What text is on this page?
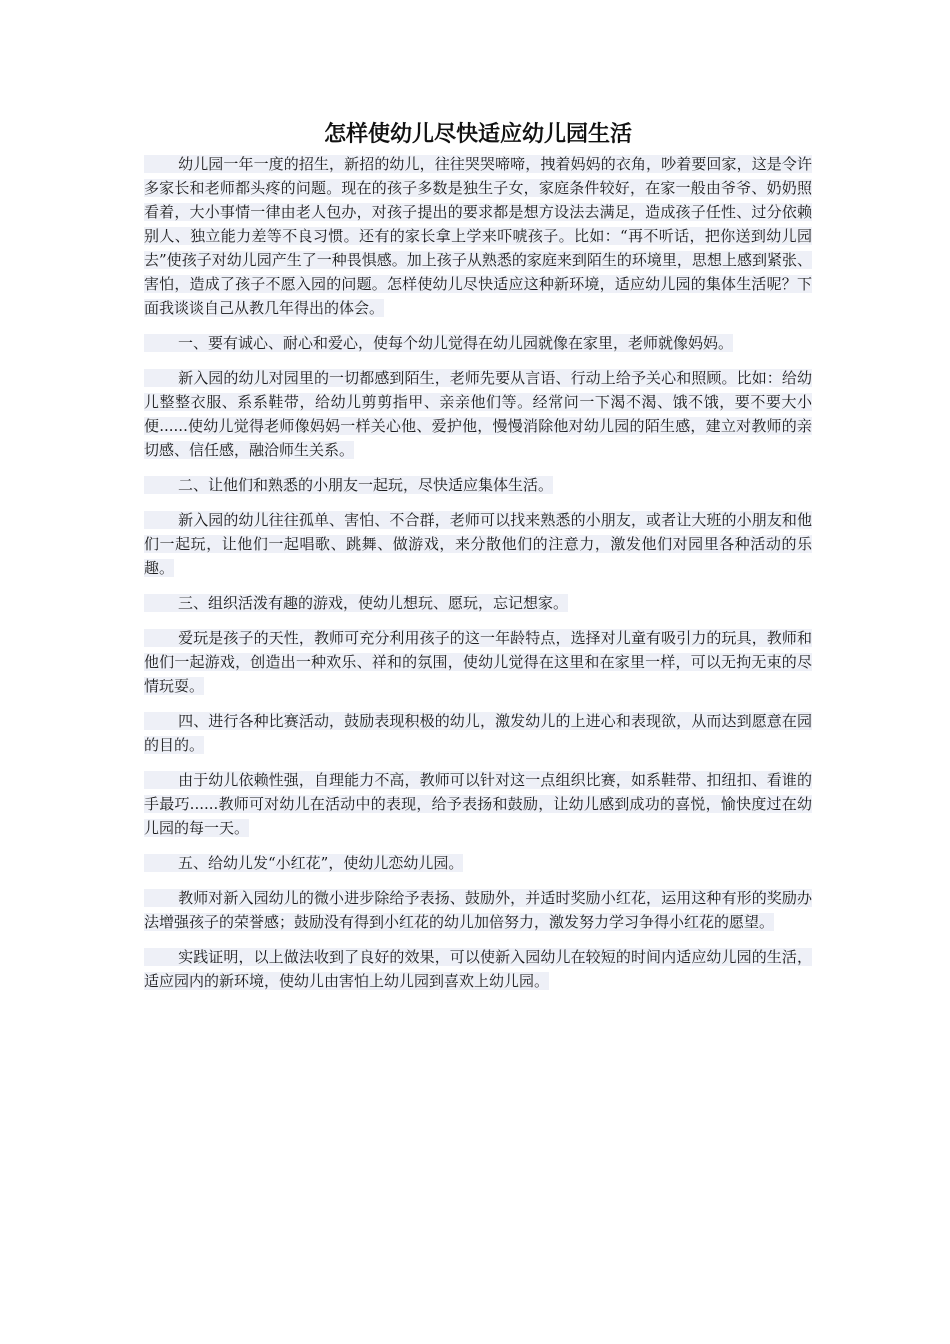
怎样使幼儿尽快适应幼儿园生活

幼儿园一年一度的招生，新招的幼儿，往往哭哭啼啼，拽着妈妈的衣角，吵着要回家，这是令许多家长和老师都头疼的问题。现在的孩子多数是独生子女，家庭条件较好，在家一般由爷爷、奶奶照看着，大小事情一律由老人包办，对孩子提出的要求都是想方设法去满足，造成孩子任性、过分依赖别人、独立能力差等不良习惯。还有的家长拿上学来吓唬孩子。比如：“再不听话，把你送到幼儿园去”使孩子对幼儿园产生了一种畏惧感。加上孩子从熟悉的家庭来到陌生的环境里，思想上感到紧张、害怕，造成了孩子不愿入园的问题。怎样使幼儿尽快适应这种新环境，适应幼儿园的集体生活呢？下面我谈谈自己从教几年得出的体会。

一、要有诚心、耐心和爱心，使每个幼儿觉得在幼儿园就像在家里，老师就像妈妈。

新入园的幼儿对园里的一切都感到陌生，老师先要从言语、行动上给予关心和照顾。比如：给幼儿整整衣服、系系鞋带，给幼儿剪剪指甲、亲亲他们等。经常问一下渴不渴、饿不饿，要不要大小便......使幼儿觉得老师像妈妈一样关心他、爱护他，慢慢消除他对幼儿园的陌生感，建立对教师的亲切感、信任感，融洽师生关系。

二、让他们和熟悉的小朋友一起玩，尽快适应集体生活。

新入园的幼儿往往孤单、害怕、不合群，老师可以找来熟悉的小朋友，或者让大班的小朋友和他们一起玩，让他们一起唱歌、跳舞、做游戏，来分散他们的注意力，激发他们对园里各种活动的乐趣。

三、组织活泼有趣的游戏，使幼儿想玩、愿玩，忘记想家。

爱玩是孩子的天性，教师可充分利用孩子的这一年龄特点，选择对儿童有吸引力的玩具，教师和他们一起游戏，创造出一种欢乐、祥和的氛围，使幼儿觉得在这里和在家里一样，可以无拘无束的尽情玩耍。

四、进行各种比赛活动，鼓励表现积极的幼儿，激发幼儿的上进心和表现欲，从而达到愿意在园的目的。

由于幼儿依赖性强，自理能力不高，教师可以针对这一点组织比赛，如系鞋带、扣纽扣、看谁的手最巧......教师可对幼儿在活动中的表现，给予表扬和鼓励，让幼儿感到成功的喜悦，愉快度过在幼儿园的每一天。

五、给幼儿发“小红花”，使幼儿恋幼儿园。

教师对新入园幼儿的微小进步除给予表扬、鼓励外，并适时奖励小红花，运用这种有形的奖励办法增强孩子的荣誉感；鼓励没有得到小红花的幼儿加倍努力，激发努力学习争得小红花的愿望。

实践证明，以上做法收到了良好的效果，可以使新入园幼儿在较短的时间内适应幼儿园的生活，适应园内的新环境，使幼儿由害怕上幼儿园到喜欢上幼儿园。
